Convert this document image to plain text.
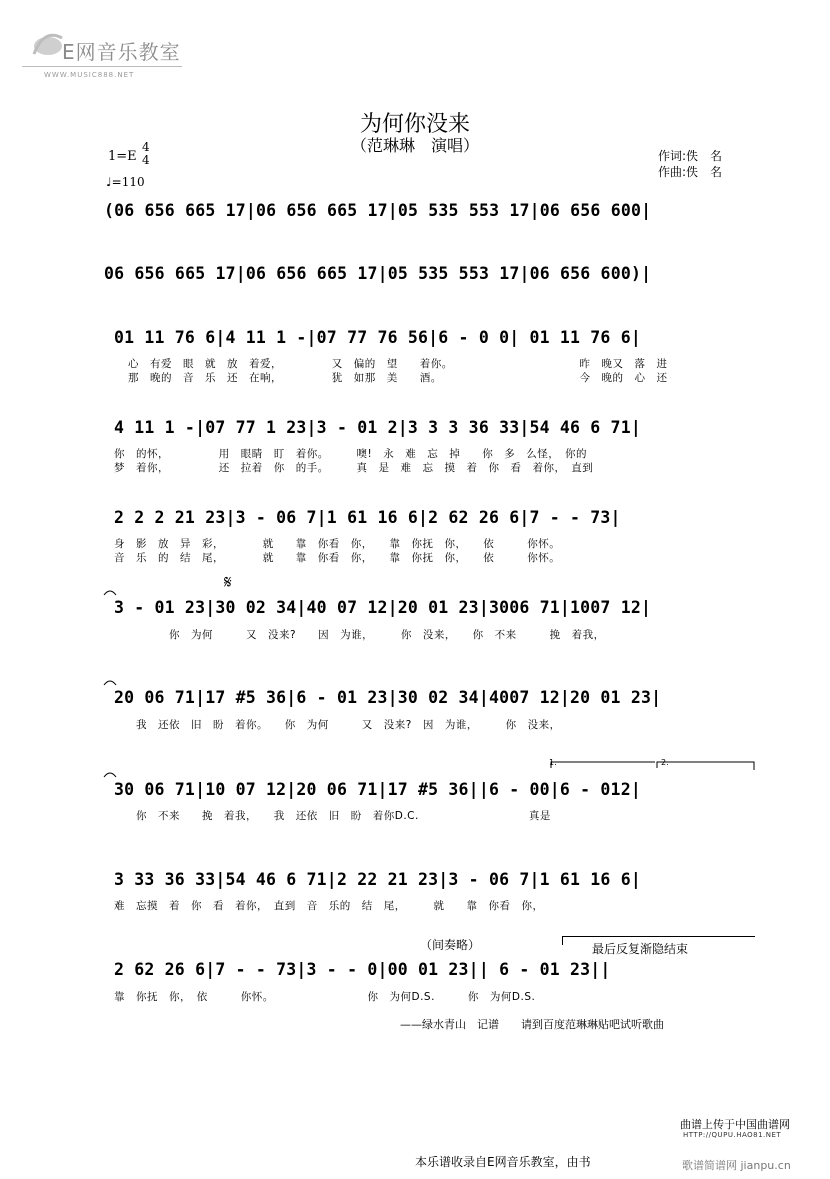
E网音乐教室
WWW.MUSIC888.NET
为何你没来
（范琳琳　演唱）
1=E
4
4
♩=110
作词:佚　名
作曲:佚　名
(06 656 665 17|06 656 665 17|05 535 553 17|06 656 600|
06 656 665 17|06 656 665 17|05 535 553 17|06 656 600)|
01 11 76 6|4 11 1 -|07 77 76 56|6 - 0 0| 01 11 76 6|
心　有爱　眼　就　放　着爱，　　　　　又　偏的　望　　着你。　　　　　　　　　　　　昨　晚又　落　进
那　晚的　音　乐　还　在响，　　　　　犹　如那　美　　酒。　　　　　　　　　　　　　今　晚的　心　还
4 11 1 -|07 77 1 23|3 - 01 2|3 3 3 36 33|54 46 6 71|
你　的怀，　　　　　用　眼睛　盯　着你。　　　噢!　永　难　忘　掉　　你　多　么怪，　你的
梦　着你，　　　　　还　拉着　你　的手。　　　真　是　难　忘　摸　着　你　看　着你，　直到
2 2 2 21 23|3 - 06 7|1 61 16 6|2 62 26 6|7 - - 73|
身　影　放　异　彩，　　　　就　　靠　你看　你，　　靠　你抚　你，　　依　　　你怀。
音　乐　的　结　尾，　　　　就　　靠　你看　你，　　靠　你抚　你，　　依　　　你怀。
𝄋
3 - 01 23|30 02 34|40 07 12|20 01 23|3006 71|1007 12|
　　　　　你　为何　　　又　没来?　　因　为谁，　　　你　没来，　　你　不来　　　挽　着我，
20 06 71|17 #5 36|6 - 01 23|30 02 34|4007 12|20 01 23|
　　我　还依　旧　盼　着你。　　你　为何　　　又　没来?　因　为谁，　　　你　没来，
1.	2.
30 06 71|10 07 12|20 06 71|17 #5 36||6 - 00|6 - 012|
　　你　不来　　挽　着我，　　我　还依　旧　盼　着你D.C.　　　　　　　　　　真是
3 33 36 33|54 46 6 71|2 22 21 23|3 - 06 7|1 61 16 6|
难　忘摸　着　你　看　着你，　直到　音　乐的　结　尾，　　　就　　靠　你看　你，
（间奏略）	最后反复渐隐结束
2 62 26 6|7 - - 73|3 - - 0|00 01 23|| 6 - 01 23||
靠　你抚　你，　依　　　你怀。　　　　　　　　　你　为何D.S.　　　你　为何D.S.
——绿水青山　记谱　　请到百度范琳琳贴吧试听歌曲
曲谱上传于中国曲谱网
HTTP://QUPU.HAO81.NET
本乐谱收录自E网音乐教室，由书	歌谱简谱网 jianpu.cn
